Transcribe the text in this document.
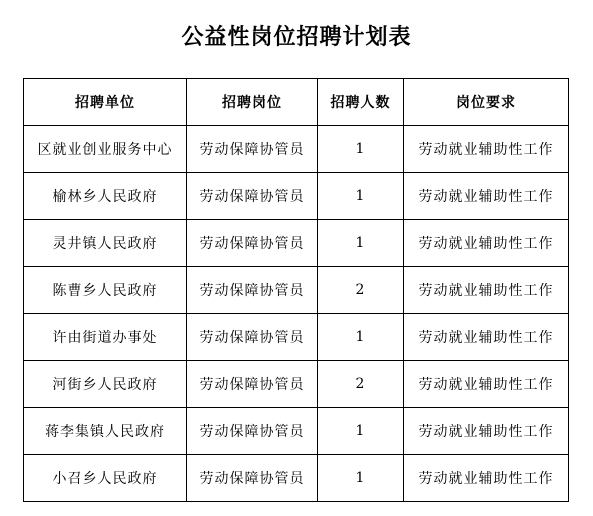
公益性岗位招聘计划表
招聘单位	招聘岗位	招聘人数	岗位要求
区就业创业服务中心	劳动保障协管员	1	劳动就业辅助性工作
榆林乡人民政府	劳动保障协管员	1	劳动就业辅助性工作
灵井镇人民政府	劳动保障协管员	1	劳动就业辅助性工作
陈曹乡人民政府	劳动保障协管员	2	劳动就业辅助性工作
许由街道办事处	劳动保障协管员	1	劳动就业辅助性工作
河街乡人民政府	劳动保障协管员	2	劳动就业辅助性工作
蒋李集镇人民政府	劳动保障协管员	1	劳动就业辅助性工作
小召乡人民政府	劳动保障协管员	1	劳动就业辅助性工作
